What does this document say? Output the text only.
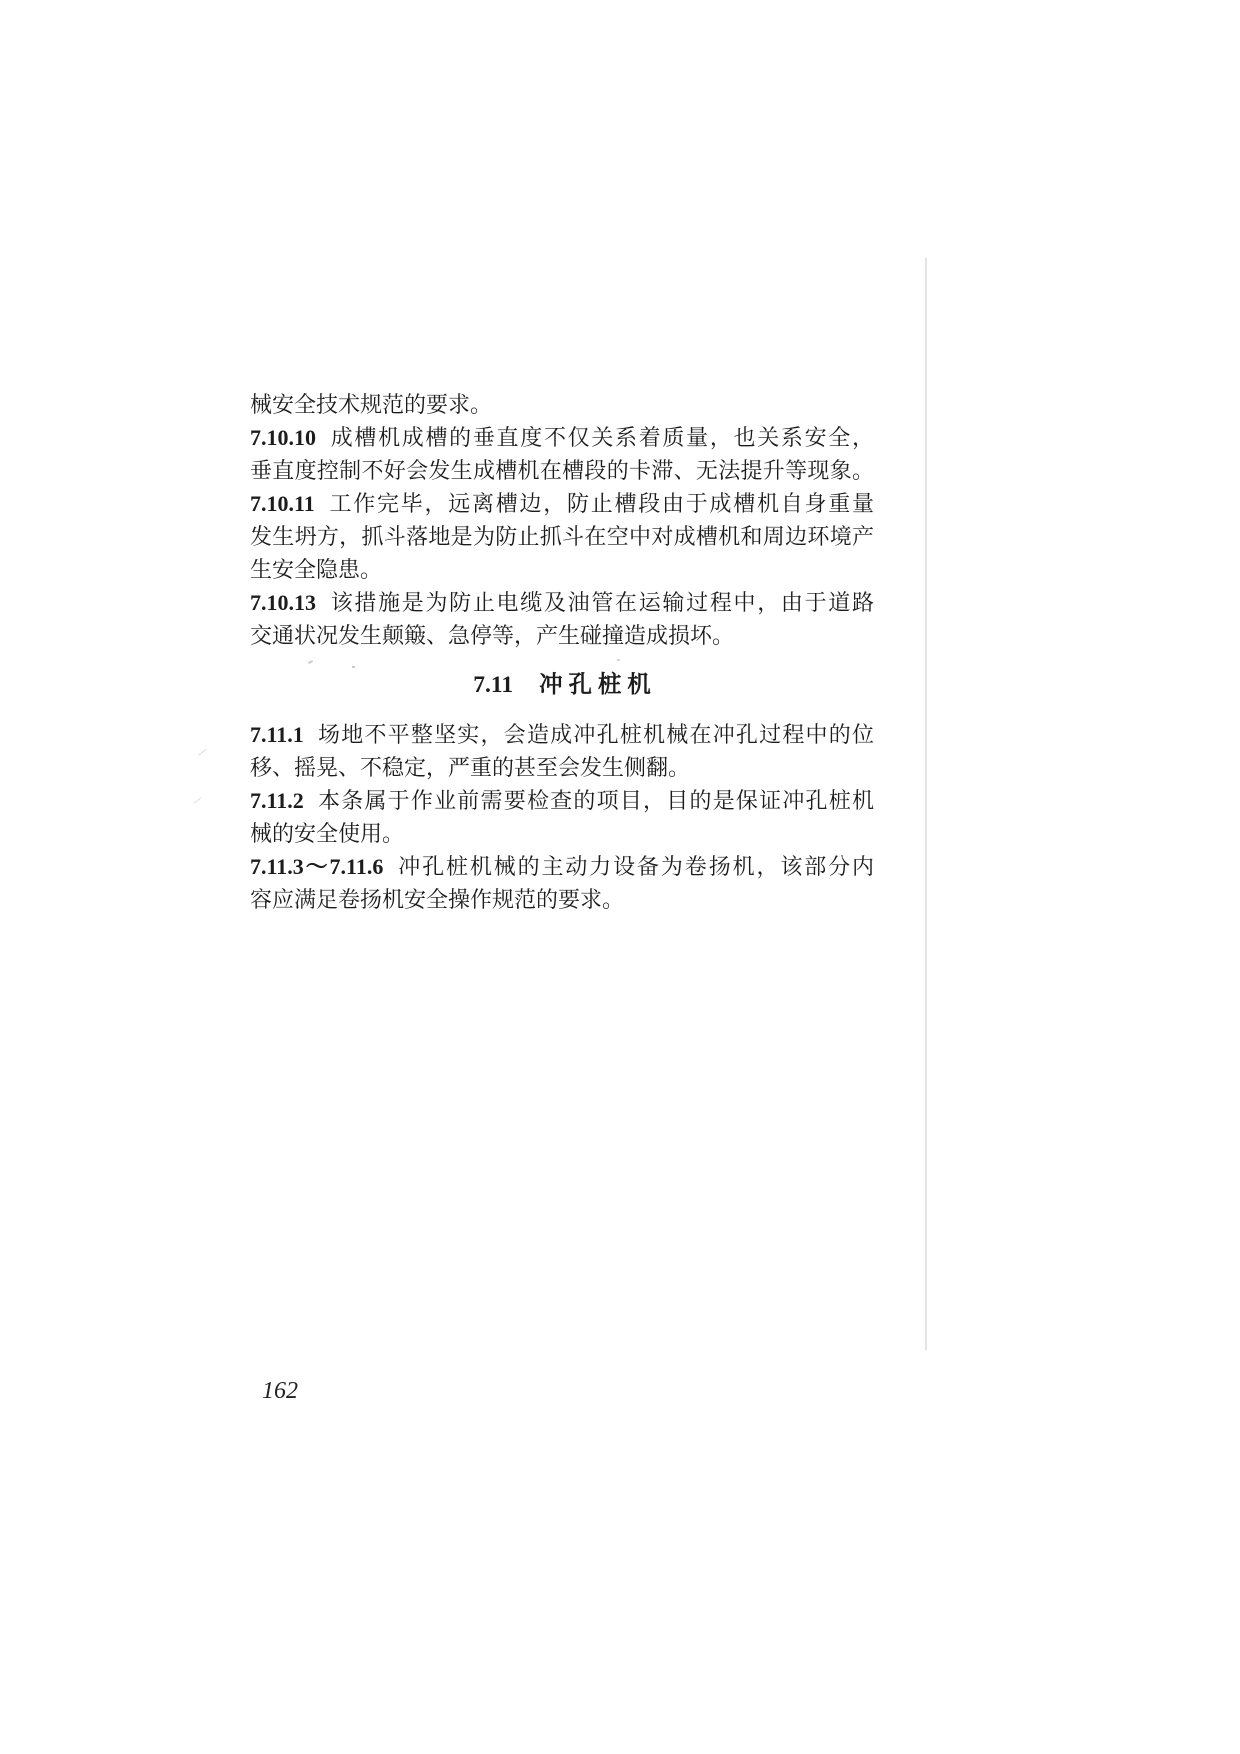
械安全技术规范的要求。
7.10.10 成槽机成槽的垂直度不仅关系着质量，也关系安全，
垂直度控制不好会发生成槽机在槽段的卡滞、无法提升等现象。
7.10.11 工作完毕，远离槽边，防止槽段由于成槽机自身重量
发生坍方，抓斗落地是为防止抓斗在空中对成槽机和周边环境产
生安全隐患。
7.10.13 该措施是为防止电缆及油管在运输过程中，由于道路
交通状况发生颠簸、急停等，产生碰撞造成损坏。
7.11 冲 孔 桩 机
7.11.1 场地不平整坚实，会造成冲孔桩机械在冲孔过程中的位
移、摇晃、不稳定，严重的甚至会发生侧翻。
7.11.2 本条属于作业前需要检查的项目，目的是保证冲孔桩机
械的安全使用。
7.11.3～7.11.6 冲孔桩机械的主动力设备为卷扬机，该部分内
容应满足卷扬机安全操作规范的要求。
162
